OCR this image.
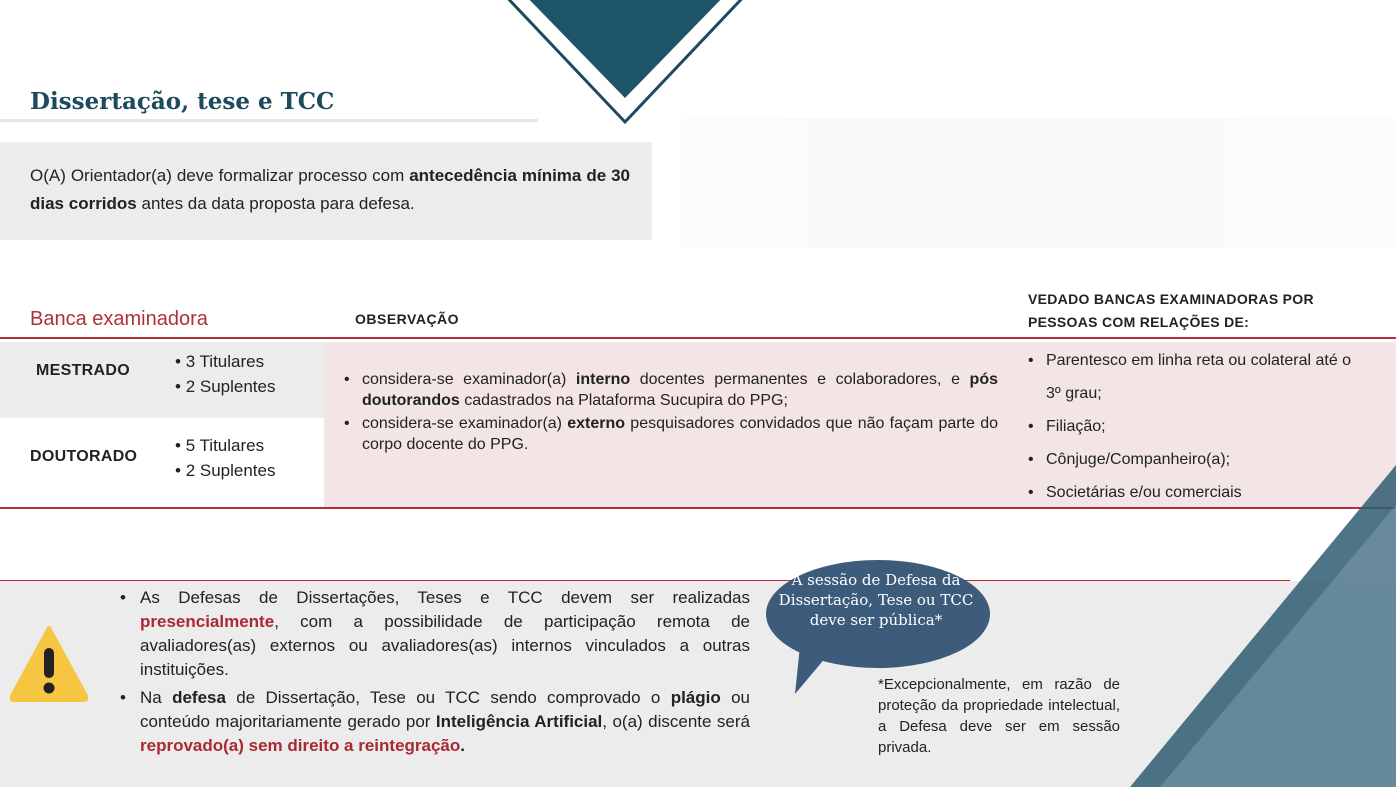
Dissertação, tese e TCC
O(A) Orientador(a) deve formalizar processo com antecedência mínima de 30 dias corridos antes da data proposta para defesa.
Banca examinadora	OBSERVAÇÃO
VEDADO BANCAS EXAMINADORAS POR
PESSOAS COM RELAÇÕES DE:
MESTRADO
•	3 Titulares
• 2 Suplentes
DOUTORADO
• 5 Titulares
• 2 Suplentes
• considera-se examinador(a) interno docentes permanentes e colaboradores, e pós doutorandos cadastrados na Plataforma Sucupira do PPG;
• considera-se examinador(a) externo pesquisadores convidados que não façam parte do corpo docente do PPG.
• Parentesco em linha reta ou colateral até o 3º grau;
• Filiação;
• Cônjuge/Companheiro(a);
• Societárias e/ou comerciais
• As Defesas de Dissertações, Teses e TCC devem ser realizadas presencialmente, com a possibilidade de participação remota de avaliadores(as) externos ou avaliadores(as) internos vinculados a outras instituições.
• Na defesa de Dissertação, Tese ou TCC sendo comprovado o plágio ou conteúdo majoritariamente gerado por Inteligência Artificial, o(a) discente será reprovado(a) sem direito a reintegração.
A sessão de Defesa da Dissertação, Tese ou TCC deve ser pública*
*Excepcionalmente, em razão de proteção da propriedade intelectual, a Defesa deve ser em sessão privada.
